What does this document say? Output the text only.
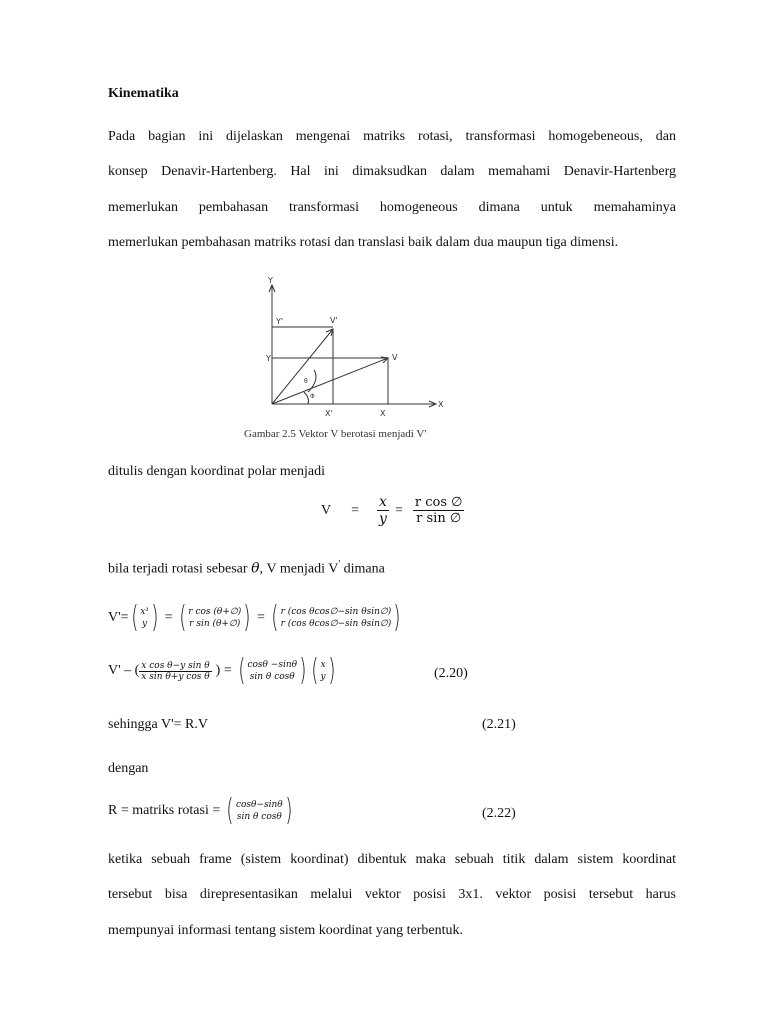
Kinematika
Pada bagian ini dijelaskan mengenai matriks rotasi, transformasi homogebeneous, dan
konsep Denavir-Hartenberg. Hal ini dimaksudkan dalam memahami Denavir-Hartenberg
memerlukan pembahasan transformasi homogeneous dimana untuk memahaminya
memerlukan pembahasan matriks rotasi dan translasi baik dalam dua maupun tiga dimensi.
Y
X
Y'
Y
X'	X
V'
V
θ
Φ
Gambar 2.5 Vektor V berotasi menjadi V'
ditulis dengan koordinat polar menjadi
$V = \frac{x}{y} = \frac{\text{r cos ∅}}{\text{r sin ∅}}$
bila terjadi rotasi sebesar θ, V menjadi V' dimana
V'= ( x¹
y ) = ( r cos (θ+∅)
r sin (θ+∅) ) = ( r (cos θcos∅−sin θsin∅)
r (cos θcos∅−sin θsin∅) )
V' – ( $\frac{\text{x cos θ−y sin θ}}{\text{x sin θ+y cos θ}}$ ) = ( cosθ −sinθ
sin θ cosθ ) ( x
y )	(2.20)
sehingga V'= R.V	(2.21)
dengan
R = matriks rotasi = ( cosθ−sinθ
sin θ cosθ )	(2.22)
ketika sebuah frame (sistem koordinat) dibentuk maka sebuah titik dalam sistem koordinat
tersebut bisa direpresentasikan melalui vektor posisi 3x1. vektor posisi tersebut harus
mempunyai informasi tentang sistem koordinat yang terbentuk.
